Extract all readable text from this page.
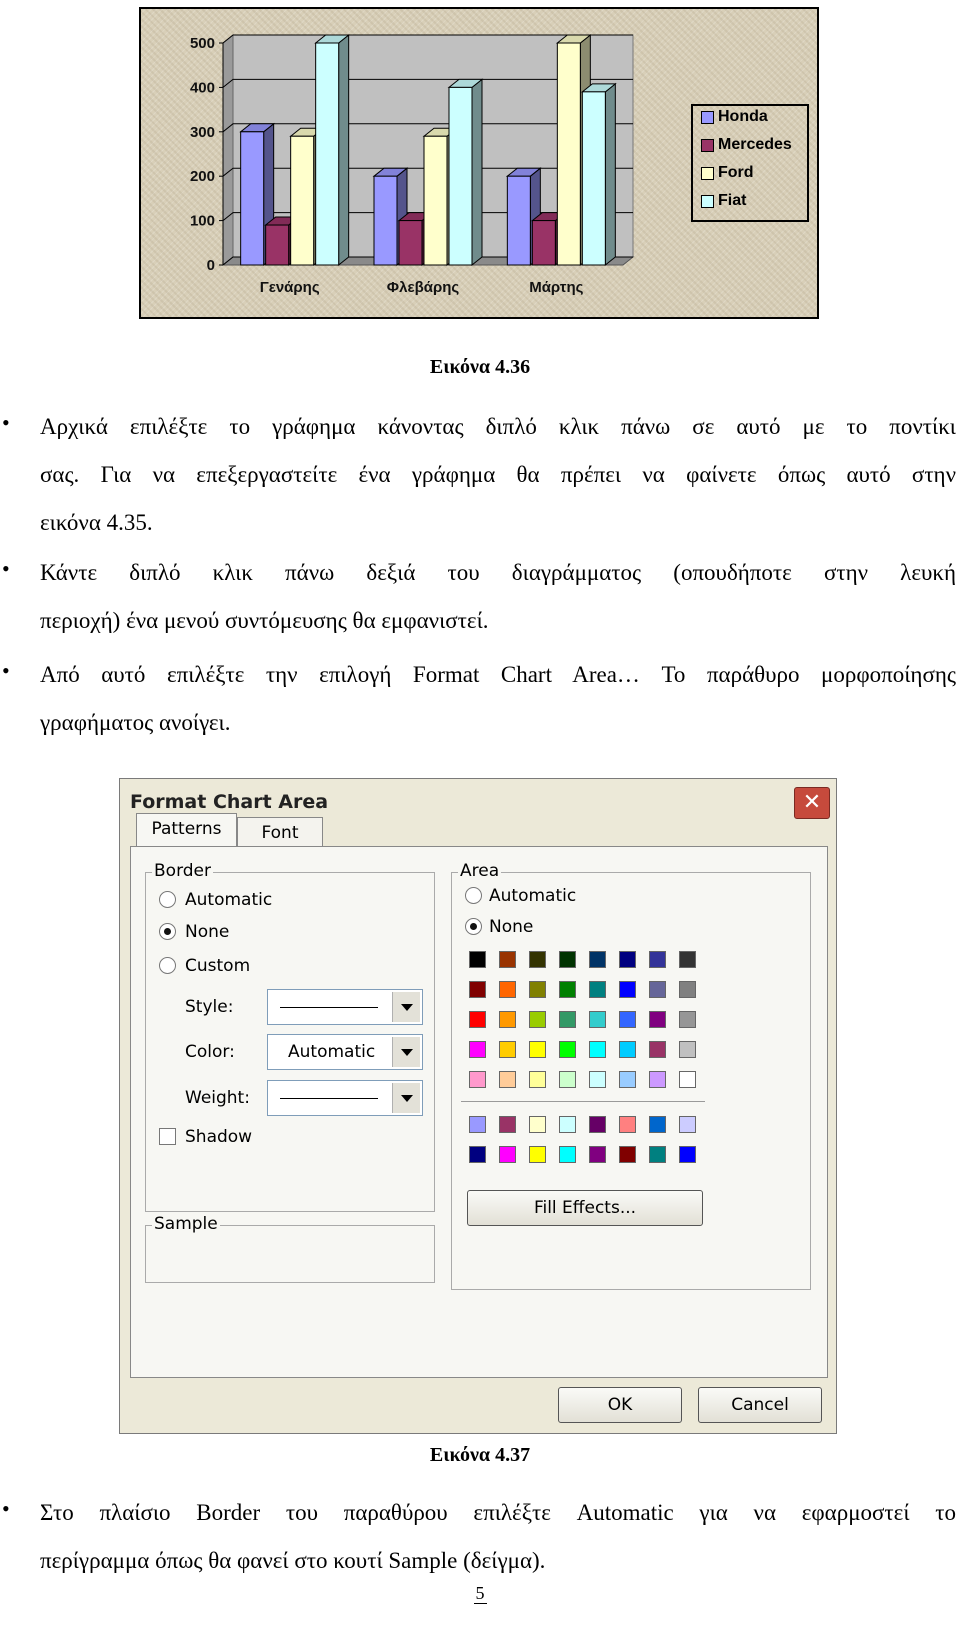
0
100
200
300
400
500
Γενάρης	Φλεβάρης	Μάρτης
Honda
Mercedes
Ford
Fiat
Εικόνα 4.36
• Αρχικά επιλέξτε το γράφημα κάνοντας διπλό κλικ πάνω σε αυτό με το ποντίκι
σας. Για να επεξεργαστείτε ένα γράφημα θα πρέπει να φαίνετε όπως αυτό στην
εικόνα 4.35.
• Κάντε διπλό κλικ πάνω δεξιά του διαγράμματος (οπουδήποτε στην λευκή
περιοχή) ένα μενού συντόμευσης θα εμφανιστεί.
• Από αυτό επιλέξτε την επιλογή Format Chart Area… Το παράθυρο μορφοποίησης
γραφήματος ανοίγει.
Format Chart Area	✕
Patterns	Font
Border
Automatic
None
Custom
Style:
Color:	Automatic
Weight:
Shadow
Sample
Area
Automatic
None
Fill Effects...
OK	Cancel
Εικόνα 4.37
• Στο πλαίσιο Border του παραθύρου επιλέξτε Automatic για να εφαρμοστεί το
περίγραμμα όπως θα φανεί στο κουτί Sample (δείγμα).
5
